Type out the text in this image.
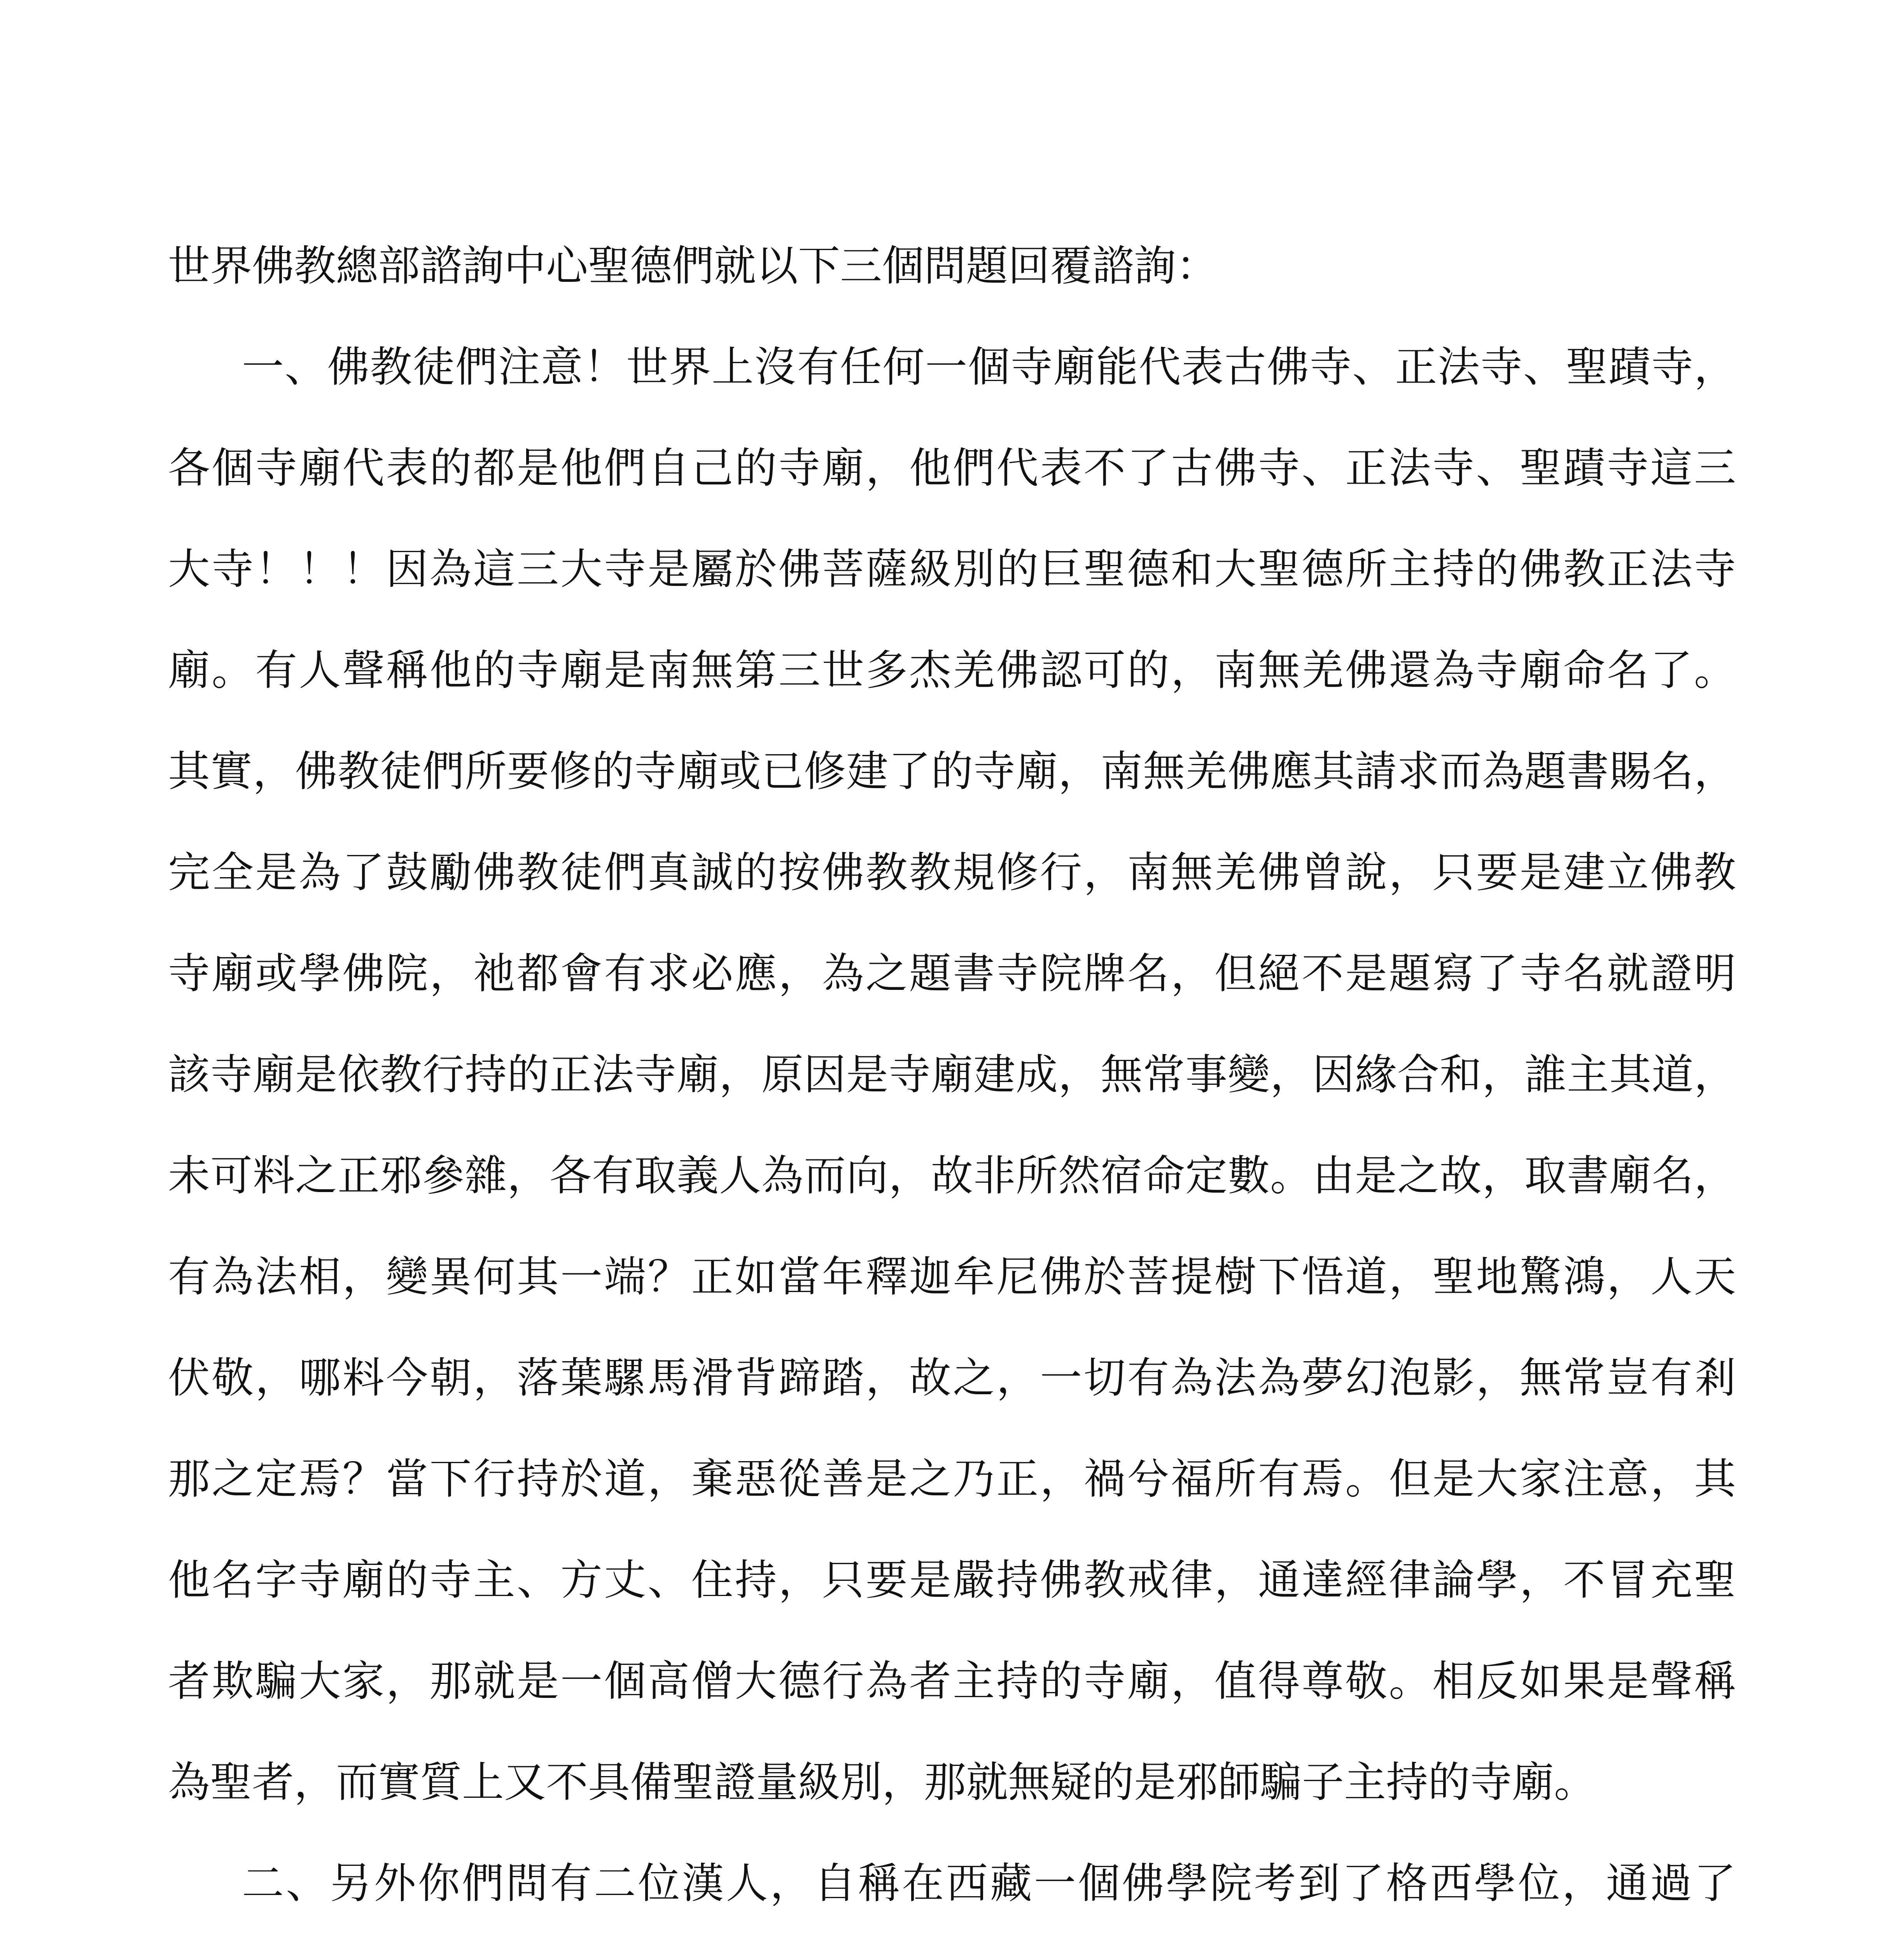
世界佛教總部諮詢中心聖德們就以下三個問題回覆諮詢：
一、佛教徒們注意！世界上沒有任何一個寺廟能代表古佛寺、正法寺、聖蹟寺，
各個寺廟代表的都是他們自己的寺廟，他們代表不了古佛寺、正法寺、聖蹟寺這三
大寺！！！因為這三大寺是屬於佛菩薩級別的巨聖德和大聖德所主持的佛教正法寺
廟。有人聲稱他的寺廟是南無第三世多杰羌佛認可的，南無羌佛還為寺廟命名了。
其實，佛教徒們所要修的寺廟或已修建了的寺廟，南無羌佛應其請求而為題書賜名，
完全是為了鼓勵佛教徒們真誠的按佛教教規修行，南無羌佛曾說，只要是建立佛教
寺廟或學佛院，祂都會有求必應，為之題書寺院牌名，但絕不是題寫了寺名就證明
該寺廟是依教行持的正法寺廟，原因是寺廟建成，無常事變，因緣合和，誰主其道，
未可料之正邪參雜，各有取義人為而向，故非所然宿命定數。由是之故，取書廟名，
有為法相，變異何其一端？正如當年釋迦牟尼佛於菩提樹下悟道，聖地驚鴻，人天
伏敬，哪料今朝，落葉騾馬滑背蹄踏，故之，一切有為法為夢幻泡影，無常豈有剎
那之定焉？當下行持於道，棄惡從善是之乃正，禍兮福所有焉。但是大家注意，其
他名字寺廟的寺主、方丈、住持，只要是嚴持佛教戒律，通達經律論學，不冒充聖
者欺騙大家，那就是一個高僧大德行為者主持的寺廟，值得尊敬。相反如果是聲稱
為聖者，而實質上又不具備聖證量級別，那就無疑的是邪師騙子主持的寺廟。
二、另外你們問有二位漢人，自稱在西藏一個佛學院考到了格西學位，通過了
